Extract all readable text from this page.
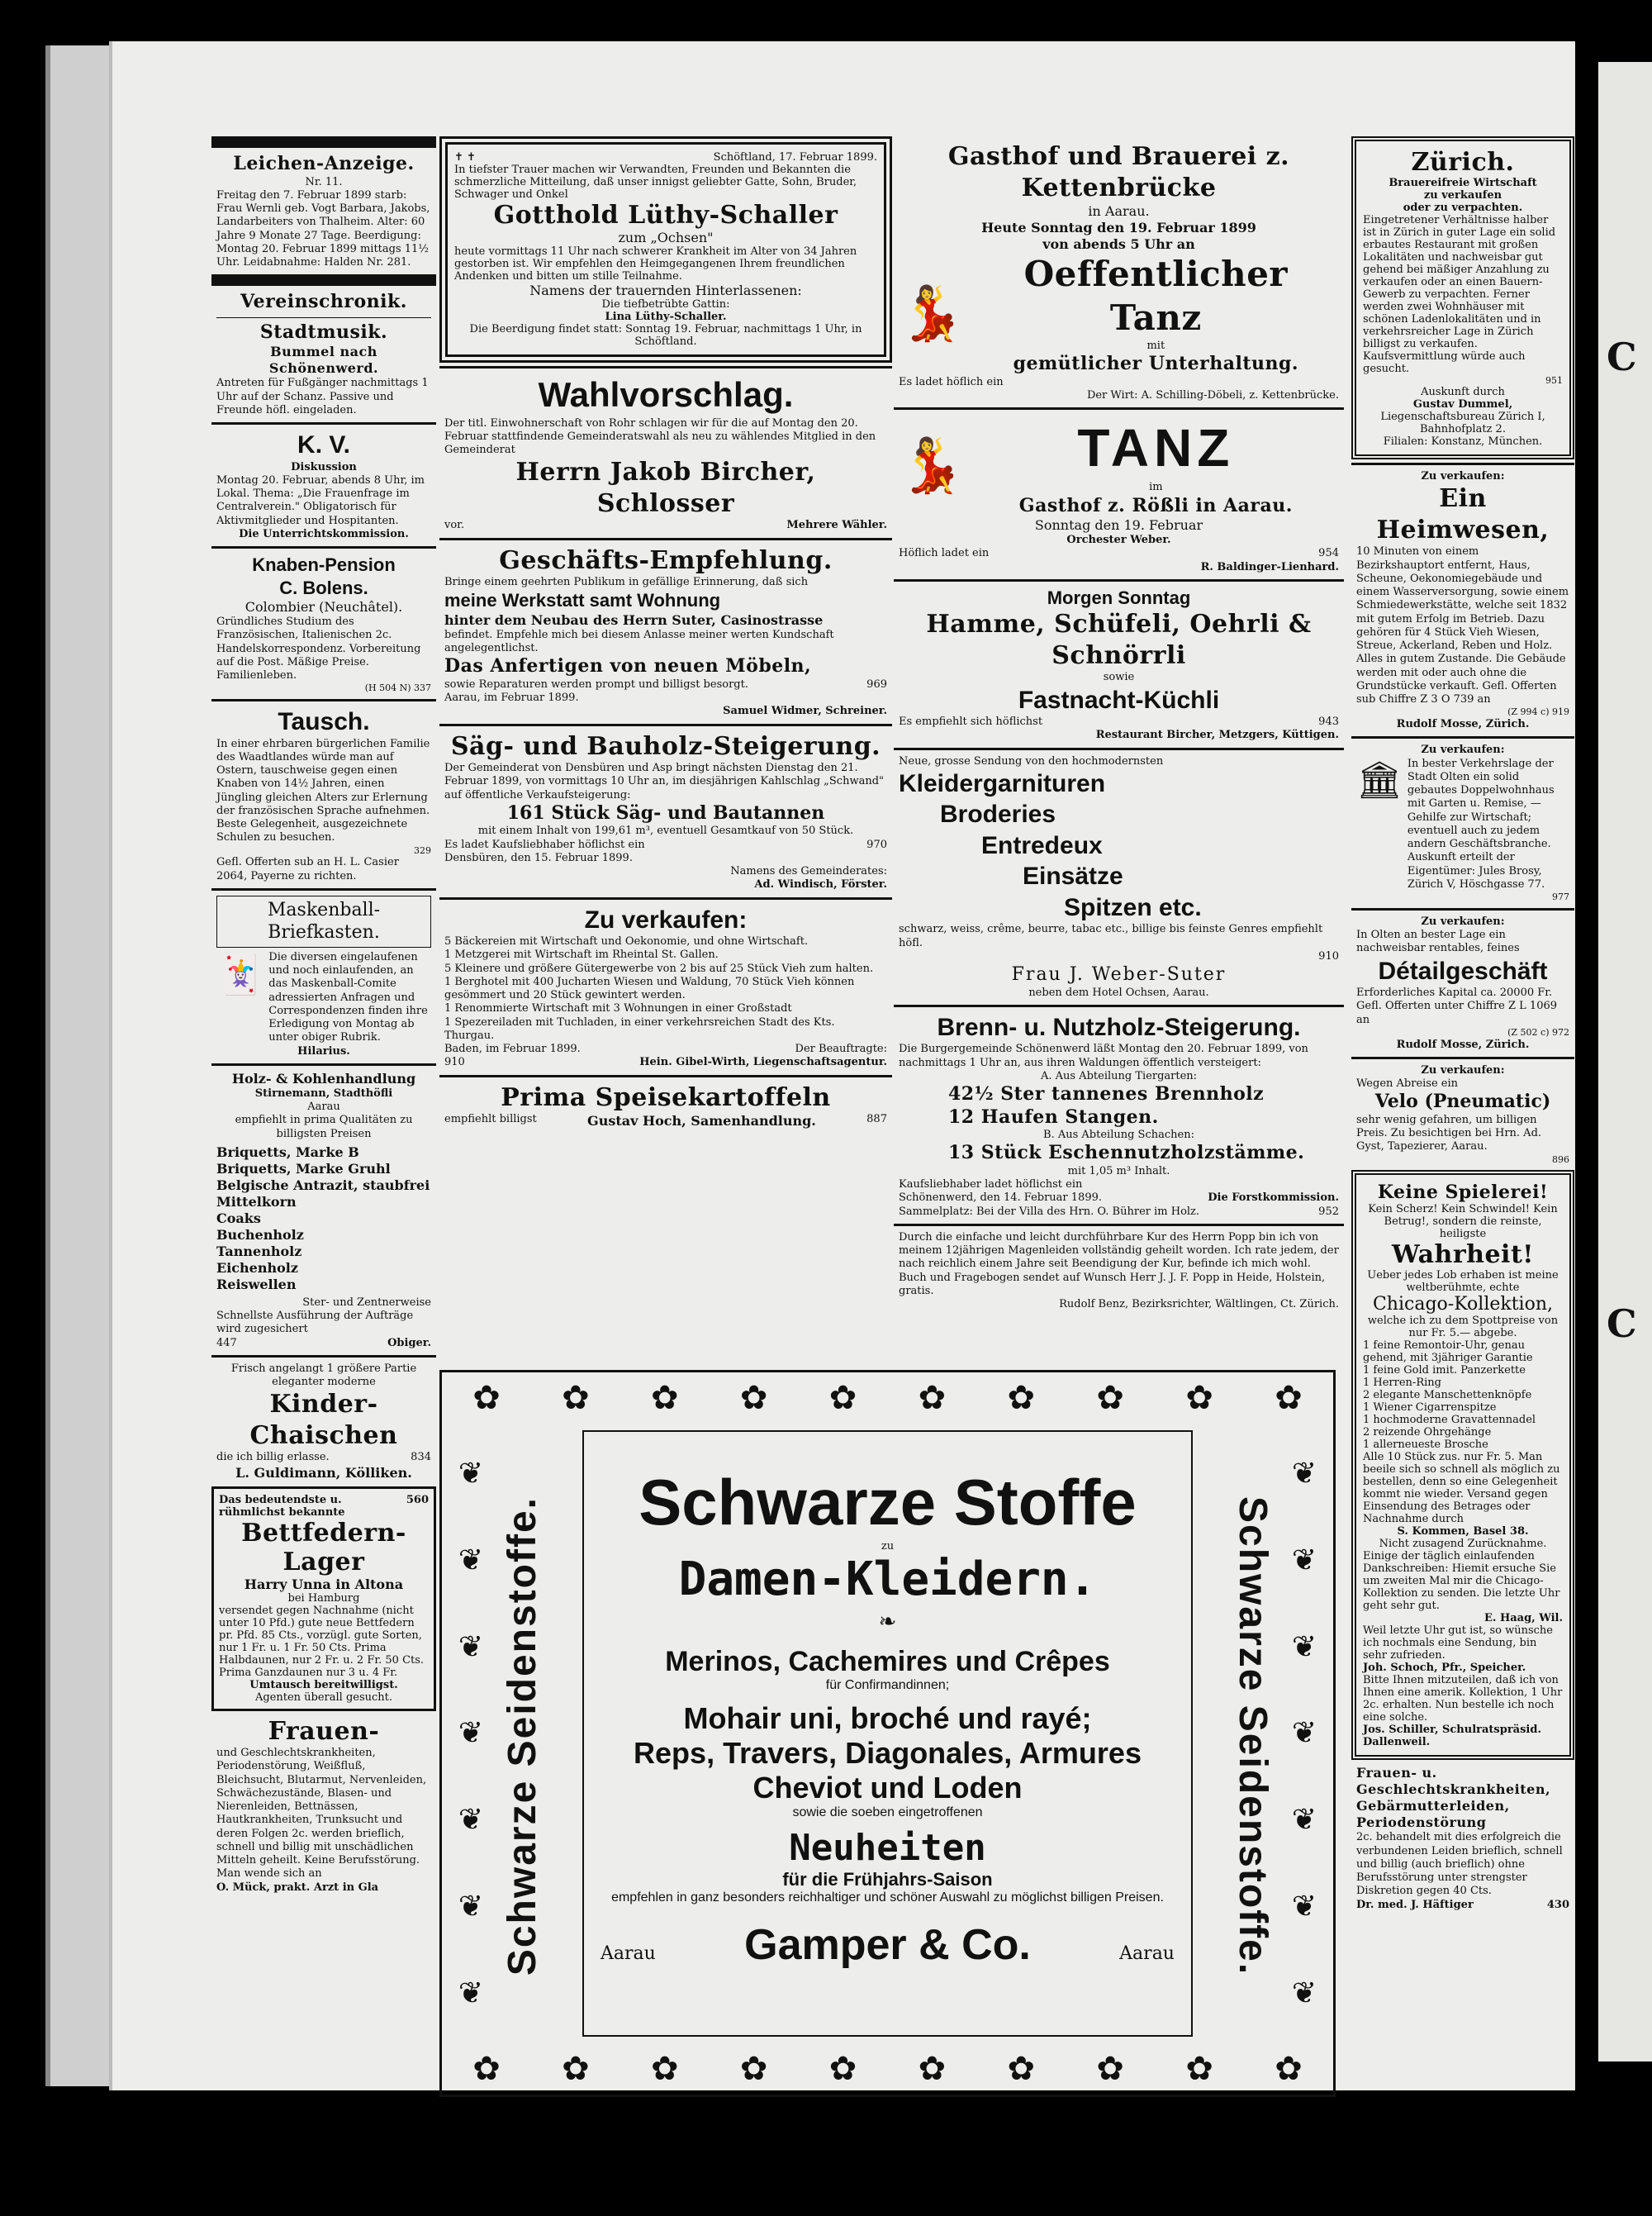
C
C
Leichen-Anzeige.
Nr. 11.
Freitag den 7. Februar 1899 starb: Frau Wernli geb. Vogt Barbara, Jakobs, Landarbeiters von Thalheim. Alter: 60 Jahre 9 Monate 27 Tage. Beerdigung: Montag 20. Februar 1899 mittags 11½ Uhr. Leidabnahme: Halden Nr. 281.
Vereinschronik.
Stadtmusik.
Bummel nach Schönenwerd.
Antreten für Fußgänger nachmittags 1 Uhr auf der Schanz. Passive und Freunde höfl. eingeladen.
K. V.
Diskussion
Montag 20. Februar, abends 8 Uhr, im Lokal. Thema: „Die Frauenfrage im Centralverein." Obligatorisch für Aktivmitglieder und Hospitanten.
Die Unterrichtskommission.
Knaben-Pension
C. Bolens.
Colombier (Neuchâtel).
Gründliches Studium des Französischen, Italienischen 2c. Handelskorrespondenz. Vorbereitung auf die Post. Mäßige Preise. Familienleben.
(H 504 N) 337
Tausch.
In einer ehrbaren bürgerlichen Familie des Waadtlandes würde man auf Ostern, tauschweise gegen einen Knaben von 14½ Jahren, einen Jüngling gleichen Alters zur Erlernung der französischen Sprache aufnehmen. Beste Gelegenheit, ausgezeichnete Schulen zu besuchen.
329
Gefl. Offerten sub an H. L. Casier 2064, Payerne zu richten.
Maskenball-Briefkasten.
🃏 Die diversen eingelaufenen und noch einlaufenden, an das Maskenball-Comite adressierten Anfragen und Correspondenzen finden ihre Erledigung von Montag ab unter obiger Rubrik.
Hilarius.
Holz- & Kohlenhandlung
Stirnemann, Stadthöfli
Aarau
empfiehlt in prima Qualitäten zu billigsten Preisen
Briquetts, Marke B
Briquetts, Marke Gruhl
Belgische Antrazit, staubfrei
Mittelkorn
Coaks
Buchenholz
Tannenholz
Eichenholz
Reiswellen
Ster- und Zentnerweise
Schnellste Ausführung der Aufträge wird zugesichert
447	Obiger.
Frisch angelangt 1 größere Partie eleganter moderne
Kinder-Chaischen
die ich billig erlasse.	834
L. Guldimann, Kölliken.
Das bedeutendste u. rühmlichst bekannte
560
Bettfedern-Lager
Harry Unna in Altona
bei Hamburg
versendet gegen Nachnahme (nicht unter 10 Pfd.) gute neue Bettfedern pr. Pfd. 85 Cts., vorzügl. gute Sorten, nur 1 Fr. u. 1 Fr. 50 Cts. Prima Halbdaunen, nur 2 Fr. u. 2 Fr. 50 Cts. Prima Ganzdaunen nur 3 u. 4 Fr.
Umtausch bereitwilligst.
Agenten überall gesucht.
Frauen-
und Geschlechtskrankheiten, Periodenstörung, Weißfluß, Bleichsucht, Blutarmut, Nervenleiden, Schwächezustände, Blasen- und Nierenleiden, Bettnässen, Hautkrankheiten, Trunksucht und deren Folgen 2c. werden brieflich, schnell und billig mit unschädlichen Mitteln geheilt. Keine Berufsstörung. Man wende sich an
O. Mück, prakt. Arzt in Gla
✝ ✝	Schöftland, 17. Februar 1899.
In tiefster Trauer machen wir Verwandten, Freunden und Bekannten die schmerzliche Mitteilung, daß unser innigst geliebter Gatte, Sohn, Bruder, Schwager und Onkel
Gotthold Lüthy-Schaller
zum „Ochsen"
heute vormittags 11 Uhr nach schwerer Krankheit im Alter von 34 Jahren gestorben ist. Wir empfehlen den Heimgegangenen Ihrem freundlichen Andenken und bitten um stille Teilnahme.
Namens der trauernden Hinterlassenen:
Die tiefbetrübte Gattin:
Lina Lüthy-Schaller.
Die Beerdigung findet statt: Sonntag 19. Februar, nachmittags 1 Uhr, in Schöftland.
Wahlvorschlag.
Der titl. Einwohnerschaft von Rohr schlagen wir für die auf Montag den 20. Februar stattfindende Gemeinderatswahl als neu zu wählendes Mitglied in den Gemeinderat
Herrn Jakob Bircher, Schlosser
vor.	Mehrere Wähler.
Geschäfts-Empfehlung.
Bringe einem geehrten Publikum in gefällige Erinnerung, daß sich
meine Werkstatt samt Wohnung
hinter dem Neubau des Herrn Suter, Casinostrasse
befindet. Empfehle mich bei diesem Anlasse meiner werten Kundschaft angelegentlichst.
Das Anfertigen von neuen Möbeln,
sowie Reparaturen werden prompt und billigst besorgt.	969
Aarau, im Februar 1899.
Samuel Widmer, Schreiner.
Säg- und Bauholz-Steigerung.
Der Gemeinderat von Densbüren und Asp bringt nächsten Dienstag den 21. Februar 1899, von vormittags 10 Uhr an, im diesjährigen Kahlschlag „Schwand" auf öffentliche Verkaufsteigerung:
161 Stück Säg- und Bautannen
mit einem Inhalt von 199,61 m³, eventuell Gesamtkauf von 50 Stück.
Es ladet Kaufsliebhaber höflichst ein	970
Densbüren, den 15. Februar 1899.
Namens des Gemeinderates:
Ad. Windisch, Förster.
Zu verkaufen:
5 Bäckereien mit Wirtschaft und Oekonomie, und ohne Wirtschaft.
1 Metzgerei mit Wirtschaft im Rheintal St. Gallen.
5 Kleinere und größere Gütergewerbe von 2 bis auf 25 Stück Vieh zum halten.
1 Berghotel mit 400 Jucharten Wiesen und Waldung, 70 Stück Vieh können gesömmert und 20 Stück gewintert werden.
1 Renommierte Wirtschaft mit 3 Wohnungen in einer Großstadt
1 Spezereiladen mit Tuchladen, in einer verkehrsreichen Stadt des Kts. Thurgau.
Baden, im Februar 1899.	Der Beauftragte:
910	Hein. Gibel-Wirth, Liegenschaftsagentur.
Prima Speisekartoffeln
empfiehlt billigst	Gustav Hoch, Samenhandlung.	887
Gasthof und Brauerei z. Kettenbrücke
in Aarau.
Heute Sonntag den 19. Februar 1899
von abends 5 Uhr an
💃
Oeffentlicher Tanz
mit
gemütlicher Unterhaltung.
Es ladet höflich ein
Der Wirt: A. Schilling-Döbeli, z. Kettenbrücke.
💃	TANZ
im
Gasthof z. Rößli in Aarau.
Sonntag den 19. Februar
Orchester Weber.
Höflich ladet ein	954
R. Baldinger-Lienhard.
Morgen Sonntag
Hamme, Schüfeli, Oehrli & Schnörrli
sowie
Fastnacht-Küchli
Es empfiehlt sich höflichst	943
Restaurant Bircher, Metzgers, Küttigen.
Neue, grosse Sendung von den hochmodernsten
Kleidergarnituren
Broderies
Entredeux
Einsätze
Spitzen etc.
schwarz, weiss, crême, beurre, tabac etc., billige bis feinste Genres empfiehlt höfl.
910
Frau J. Weber-Suter
neben dem Hotel Ochsen, Aarau.
Brenn- u. Nutzholz-Steigerung.
Die Burgergemeinde Schönenwerd läßt Montag den 20. Februar 1899, von nachmittags 1 Uhr an, aus ihren Waldungen öffentlich versteigert:
A. Aus Abteilung Tiergarten:
42½ Ster tannenes Brennholz
12 Haufen Stangen.
B. Aus Abteilung Schachen:
13 Stück Eschennutzholzstämme.
mit 1,05 m³ Inhalt.
Kaufsliebhaber ladet höflichst ein
Schönenwerd, den 14. Februar 1899.	Die Forstkommission.
Sammelplatz: Bei der Villa des Hrn. O. Bührer im Holz.	952
Durch die einfache und leicht durchführbare Kur des Herrn Popp bin ich von meinem 12jährigen Magenleiden vollständig geheilt worden. Ich rate jedem, der nach reichlich einem Jahre seit Beendigung der Kur, befinde ich mich wohl. Buch und Fragebogen sendet auf Wunsch Herr J. J. F. Popp in Heide, Holstein, gratis.
Rudolf Benz, Bezirksrichter, Wältlingen, Ct. Zürich.
Zürich.
Brauereifreie Wirtschaft
zu verkaufen
oder zu verpachten.
Eingetretener Verhältnisse halber ist in Zürich in guter Lage ein solid erbautes Restaurant mit großen Lokalitäten und nachweisbar gut gehend bei mäßiger Anzahlung zu verkaufen oder an einen Bauern-Gewerb zu verpachten. Ferner werden zwei Wohnhäuser mit schönen Ladenlokalitäten und in verkehrsreicher Lage in Zürich billigst zu verkaufen. Kaufsvermittlung würde auch gesucht.
951
Auskunft durch
Gustav Dummel,
Liegenschaftsbureau Zürich I, Bahnhofplatz 2.
Filialen: Konstanz, München.
Zu verkaufen:
Ein Heimwesen,
10 Minuten von einem Bezirkshauptort entfernt, Haus, Scheune, Oekonomiegebäude und einem Wasserversorgung, sowie einem Schmiedewerkstätte, welche seit 1832 mit gutem Erfolg im Betrieb. Dazu gehören für 4 Stück Vieh Wiesen, Streue, Ackerland, Reben und Holz. Alles in gutem Zustande. Die Gebäude werden mit oder auch ohne die Grundstücke verkauft. Gefl. Offerten sub Chiffre Z 3 O 739 an
(Z 994 c) 919
Rudolf Mosse, Zürich.
Zu verkaufen:
🏛 In bester Verkehrslage der Stadt Olten ein solid gebautes Doppelwohnhaus mit Garten u. Remise, — Gehilfe zur Wirtschaft; eventuell auch zu jedem andern Geschäftsbranche. Auskunft erteilt der Eigentümer: Jules Brosy, Zürich V, Höschgasse 77.
977
Zu verkaufen:
In Olten an bester Lage ein nachweisbar rentables, feines
Détailgeschäft
Erforderliches Kapital ca. 20000 Fr. Gefl. Offerten unter Chiffre Z L 1069 an
(Z 502 c) 972
Rudolf Mosse, Zürich.
Zu verkaufen:
Wegen Abreise ein
Velo (Pneumatic)
sehr wenig gefahren, um billigen Preis. Zu besichtigen bei Hrn. Ad. Gyst, Tapezierer, Aarau.
896
Keine Spielerei!
Kein Scherz! Kein Schwindel! Kein Betrug!, sondern die reinste, heiligste
Wahrheit!
Ueber jedes Lob erhaben ist meine weltberühmte, echte
Chicago-Kollektion,
welche ich zu dem Spottpreise von nur Fr. 5.— abgebe.
1 feine Remontoir-Uhr, genau gehend, mit 3jähriger Garantie
1 feine Gold imit. Panzerkette
1 Herren-Ring
2 elegante Manschettenknöpfe
1 Wiener Cigarrenspitze
1 hochmoderne Gravattennadel
2 reizende Ohrgehänge
1 allerneueste Brosche
Alle 10 Stück zus. nur Fr. 5. Man beeile sich so schnell als möglich zu bestellen, denn so eine Gelegenheit kommt nie wieder. Versand gegen Einsendung des Betrages oder Nachnahme durch
S. Kommen, Basel 38.
Nicht zusagend Zurücknahme.
Einige der täglich einlaufenden Dankschreiben: Hiemit ersuche Sie um zweiten Mal mir die Chicago-Kollektion zu senden. Die letzte Uhr geht sehr gut.
E. Haag, Wil.
Weil letzte Uhr gut ist, so wünsche ich nochmals eine Sendung, bin sehr zufrieden.
Joh. Schoch, Pfr., Speicher.
Bitte Ihnen mitzuteilen, daß ich von Ihnen eine amerik. Kollektion, 1 Uhr 2c. erhalten. Nun bestelle ich noch eine solche.
Jos. Schiller, Schulratspräsid. Dallenweil.
Frauen- u. Geschlechtskrankheiten, Gebärmutterleiden, Periodenstörung
2c. behandelt mit dies erfolgreich die verbundenen Leiden brieflich, schnell und billig (auch brieflich) ohne Berufsstörung unter strengster Diskretion gegen 40 Cts.
Dr. med. J. Häftiger	430
✿ ✿ ✿ ✿ ✿ ✿ ✿ ✿ ✿ ✿
✿ ✿ ✿ ✿ ✿ ✿ ✿ ✿ ✿ ✿
❦
❦
❦
❦
❦
❦
❦
❦
❦
❦
❦
❦
❦
❦
Schwarze Seidenstoffe.	Schwarze Seidenstoffe.
Schwarze Stoffe
zu
Damen-Kleidern.
❧
Merinos, Cachemires und Crêpes
für Confirmandinnen;
Mohair uni, broché und rayé;
Reps, Travers, Diagonales, Armures
Cheviot und Loden
sowie die soeben eingetroffenen
Neuheiten
für die Frühjahrs-Saison
empfehlen in ganz besonders reichhaltiger und schöner Auswahl zu möglichst billigen Preisen.
Aarau Gamper & Co.	Aarau
